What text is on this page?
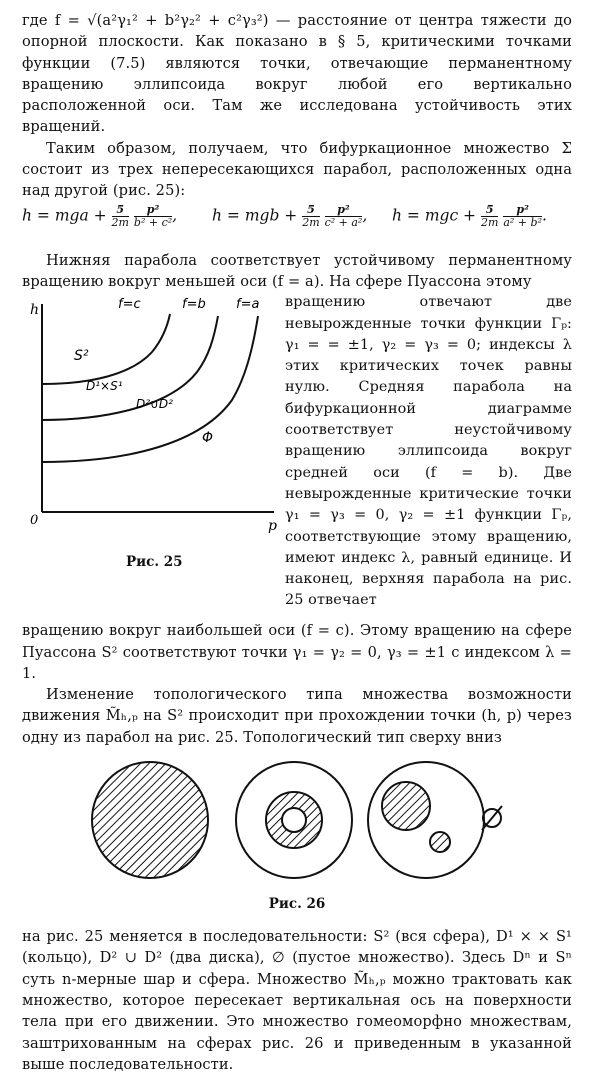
где f = √(a²γ₁² + b²γ₂² + c²γ₃²) — расстояние от центра тяжести до опорной плоскости. Как показано в § 5, критическими точками функции (7.5) являются точки, отвечающие перманентному вращению эллипсоида вокруг любой его вертикально расположенной оси. Там же исследована устойчивость этих вращений.

Таким образом, получаем, что бифуркационное множество Σ состоит из трех непересекающихся парабол, расположенных одна над другой (рис. 25):

h = mga + $\frac{5}{2m}$
$\frac{\text{p²}}{\text{b² + c²}}$ , h = mgb + $\frac{5}{2m}$
$\frac{\text{p²}}{\text{c² + a²}}$ , h = mgc + $\frac{5}{2m}$
$\frac{\text{p²}}{\text{a² + b²}}$ .

Нижняя парабола соответствует устойчивому перманентному вращению вокруг меньшей оси (f = a). На сфере Пуассона этому

h
p
0
f=c	f=b f=a
S²
D¹×S¹
D²∪D²
Φ
Рис. 25

вращению отвечают две невырожденные точки функции Γₚ: γ₁ = = ±1, γ₂ = γ₃ = 0; индексы λ этих критических точек равны нулю. Средняя парабола на бифуркационной диаграмме соответствует неустойчивому вращению эллипсоида вокруг средней оси (f = b). Две невырожденные критические точки γ₁ = γ₃ = 0, γ₂ = ±1 функции Γₚ, соответствующие этому вращению, имеют индекс λ, равный единице. И наконец, верхняя парабола на рис. 25 отвечает

вращению вокруг наибольшей оси (f = c). Этому вращению на сфере Пуассона S² соответствуют точки γ₁ = γ₂ = 0, γ₃ = ±1 с индексом λ = 1.

Изменение топологического типа множества возможности движения M̃ₕ,ₚ на S² происходит при прохождении точки (h, p) через одну из парабол на рис. 25. Топологический тип сверху вниз

Рис. 26

на рис. 25 меняется в последовательности: S² (вся сфера), D¹ × × S¹ (кольцо), D² ∪ D² (два диска), ∅ (пустое множество). Здесь Dⁿ и Sⁿ суть n-мерные шар и сфера. Множество M̃ₕ,ₚ можно трактовать как множество, которое пересекает вертикальная ось на поверхности тела при его движении. Это множество гомеоморфно множествам, заштрихованным на сферах рис. 26 и приведенным в указанной выше последовательности.
